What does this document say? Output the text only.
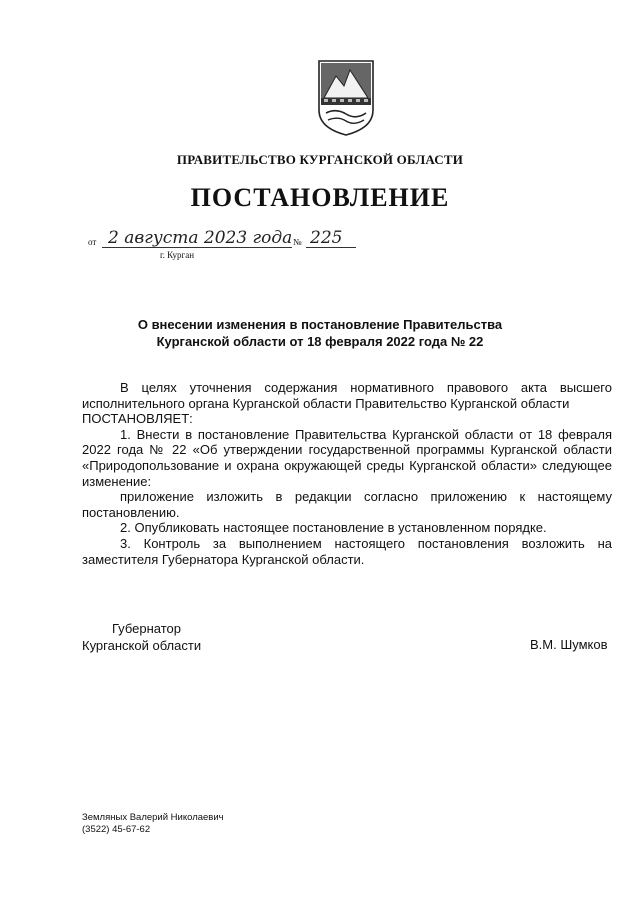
ПРАВИТЕЛЬСТВО КУРГАНСКОЙ ОБЛАСТИ
ПОСТАНОВЛЕНИЕ
от 2 августа 2023 года № 225
г. Курган
О внесении изменения в постановление Правительства
Курганской области от 18 февраля 2022 года № 22

В целях уточнения содержания нормативного правового акта высшего исполнительного органа Курганской области Правительство Курганской области

ПОСТАНОВЛЯЕТ:

1. Внести в постановление Правительства Курганской области от 18 февраля 2022 года № 22 «Об утверждении государственной программы Курганской области «Природопользование и охрана окружающей среды Курганской области» следующее изменение:

приложение изложить в редакции согласно приложению к настоящему постановлению.

2. Опубликовать настоящее постановление в установленном порядке.

3. Контроль за выполнением настоящего постановления возложить на заместителя Губернатора Курганской области.

Губернатор
Курганской области	В.М. Шумков
Земляных Валерий Николаевич
(3522) 45-67-62
